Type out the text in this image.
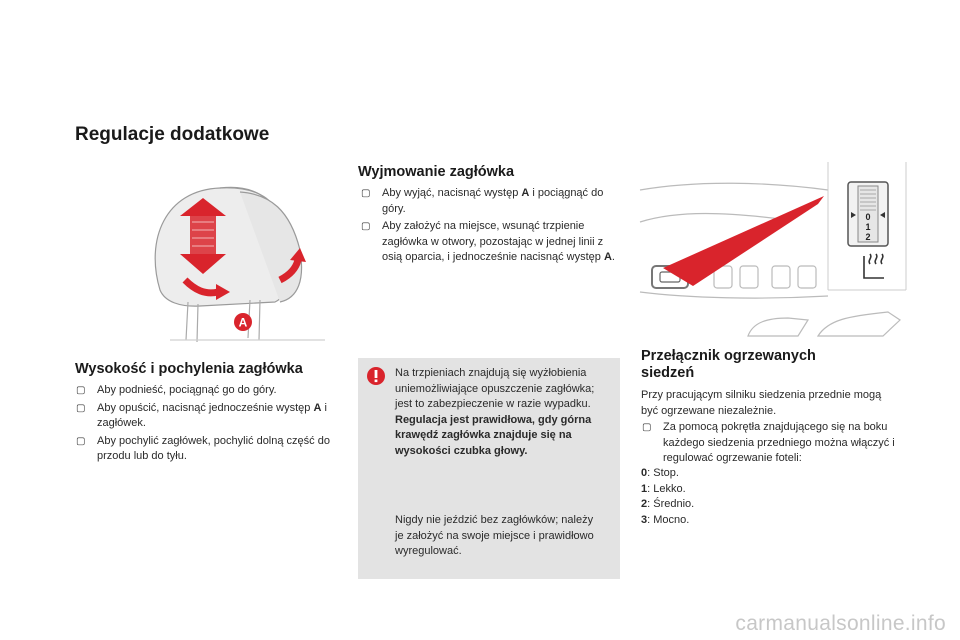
Regulacje dodatkowe
A
Wysokość i pochylenia zagłówka
▢ Aby podnieść, pociągnąć go do góry.
▢ Aby opuścić, nacisnąć jednocześnie występ A i zagłówek.
▢ Aby pochylić zagłówek, pochylić dolną część do przodu lub do tyłu.
Wyjmowanie zagłówka
▢ Aby wyjąć, nacisnąć występ A i pociągnąć do góry.
▢ Aby założyć na miejsce, wsunąć trzpienie zagłówka w otwory, pozostając w jednej linii z osią oparcia, i jednocześnie nacisnąć występ A.
Na trzpieniach znajdują się wyżłobienia uniemożliwiające opuszczenie zagłówka; jest to zabezpieczenie w razie wypadku.
Regulacja jest prawidłowa, gdy górna krawędź zagłówka znajduje się na wysokości czubka głowy.
Nigdy nie jeździć bez zagłówków; należy je założyć na swoje miejsce i prawidłowo wyregulować.
0
1
2
Przełącznik ogrzewanych
siedzeń
Przy pracującym silniku siedzenia przednie mogą być ogrzewane niezależnie.
▢ Za pomocą pokrętła znajdującego się na boku każdego siedzenia przedniego można włączyć i regulować ogrzewanie foteli:
0: Stop.
1: Lekko.
2: Średnio.
3: Mocno.
carmanualsonline.info
